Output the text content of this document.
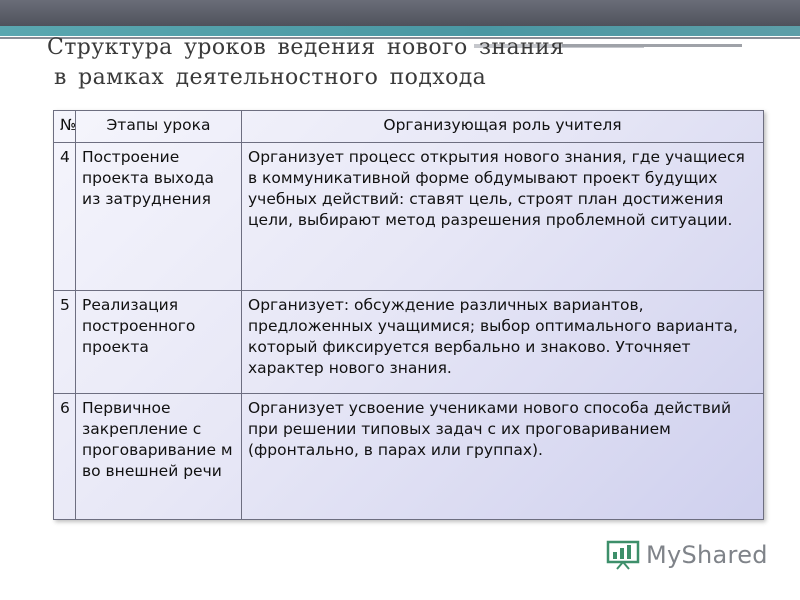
Структура уроков ведения нового знания
в рамках деятельностного подхода
№	Этапы урока	Организующая роль учителя
4	Построение проекта выхода из затруднения	Организует процесс открытия нового знания, где учащиеся в коммуникативной форме обдумывают проект будущих учебных действий: ставят цель, строят план достижения цели, выбирают метод разрешения проблемной ситуации.
5	Реализация построенного проекта	Организует: обсуждение различных вариантов, предложенных учащимися; выбор оптимального варианта, который фиксируется вербально и знаково. Уточняет характер нового знания.
6	Первичное закрепление с проговаривание м во внешней речи	Организует усвоение учениками нового способа действий при решении типовых задач с их проговариванием (фронтально, в парах или группах).
MyShared
